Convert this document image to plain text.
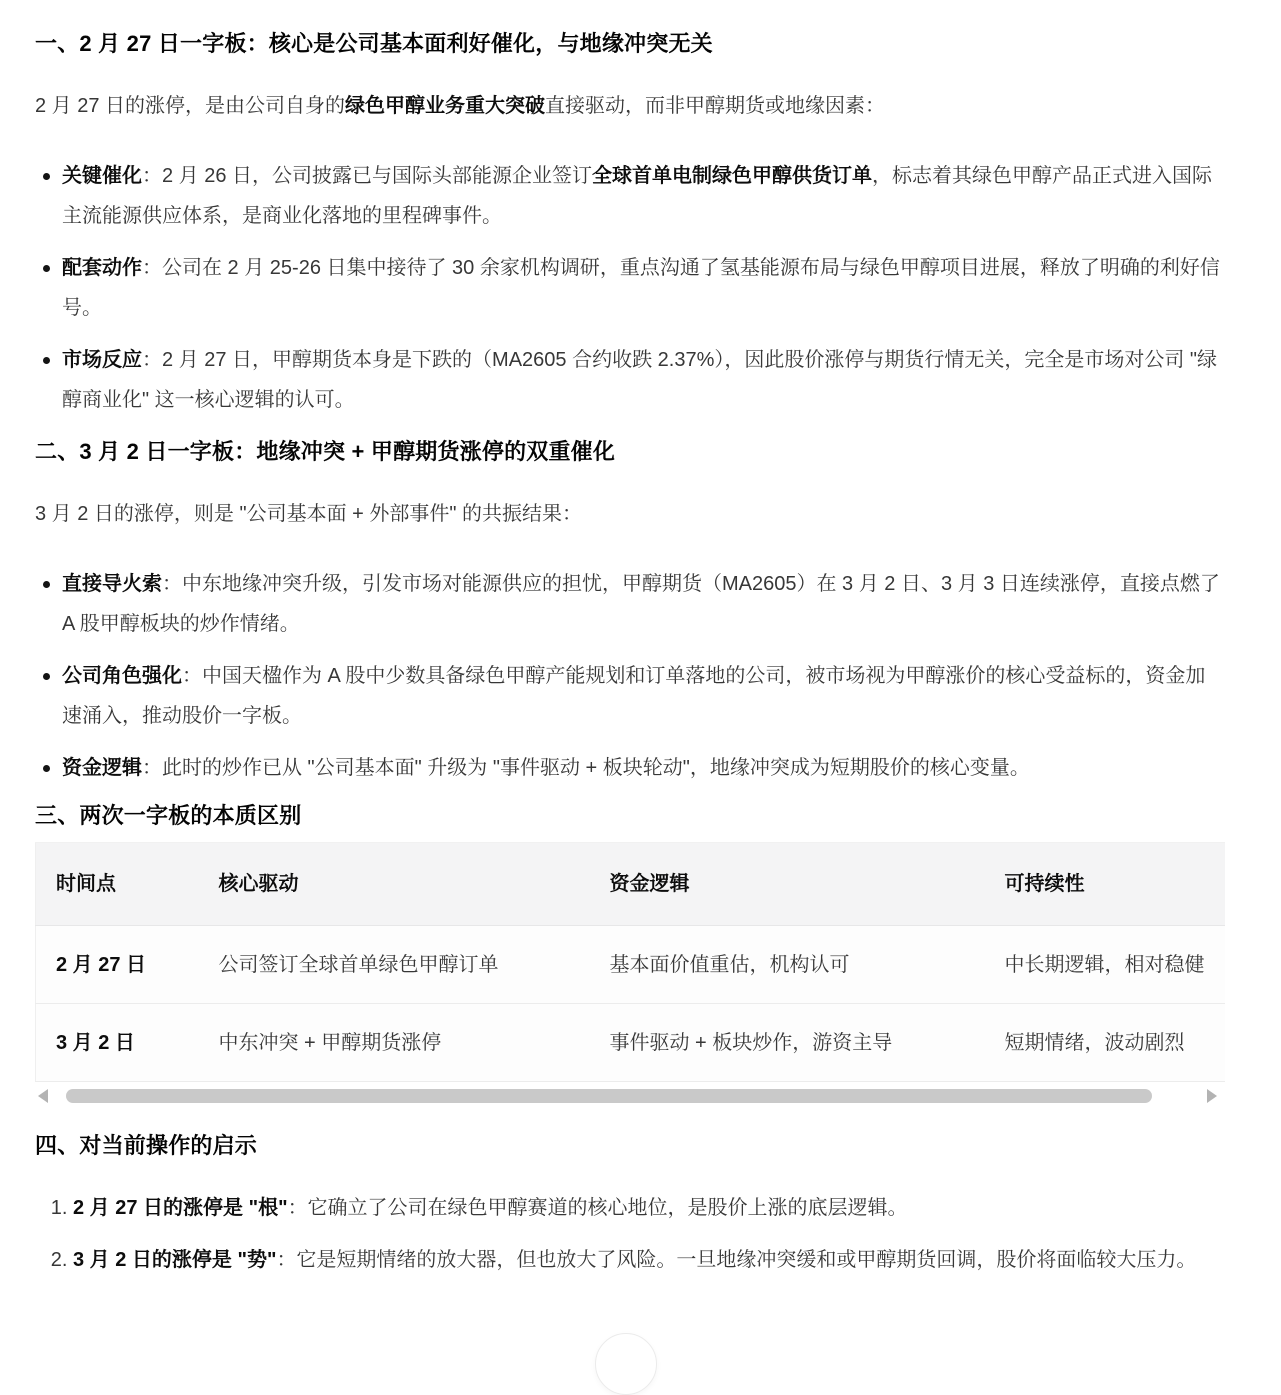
一、2 月 27 日一字板：核心是公司基本面利好催化，与地缘冲突无关

2 月 27 日的涨停，是由公司自身的绿色甲醇业务重大突破直接驱动，而非甲醇期货或地缘因素：

关键催化：2 月 26 日，公司披露已与国际头部能源企业签订全球首单电制绿色甲醇供货订单，标志着其绿色甲醇产品正式进入国际主流能源供应体系，是商业化落地的里程碑事件。
配套动作：公司在 2 月 25-26 日集中接待了 30 余家机构调研，重点沟通了氢基能源布局与绿色甲醇项目进展，释放了明确的利好信号。
市场反应：2 月 27 日，甲醇期货本身是下跌的（MA2605 合约收跌 2.37%），因此股价涨停与期货行情无关，完全是市场对公司 "绿醇商业化" 这一核心逻辑的认可。
二、3 月 2 日一字板：地缘冲突 + 甲醇期货涨停的双重催化

3 月 2 日的涨停，则是 "公司基本面 + 外部事件" 的共振结果：

直接导火索：中东地缘冲突升级，引发市场对能源供应的担忧，甲醇期货（MA2605）在 3 月 2 日、3 月 3 日连续涨停，直接点燃了 A 股甲醇板块的炒作情绪。
公司角色强化：中国天楹作为 A 股中少数具备绿色甲醇产能规划和订单落地的公司，被市场视为甲醇涨价的核心受益标的，资金加速涌入，推动股价一字板。
资金逻辑：此时的炒作已从 "公司基本面" 升级为 "事件驱动 + 板块轮动"，地缘冲突成为短期股价的核心变量。
三、两次一字板的本质区别
时间点	核心驱动	资金逻辑	可持续性
2 月 27 日	公司签订全球首单绿色甲醇订单	基本面价值重估，机构认可	中长期逻辑，相对稳健
3 月 2 日	中东冲突 + 甲醇期货涨停	事件驱动 + 板块炒作，游资主导	短期情绪，波动剧烈
四、对当前操作的启示
1. 2 月 27 日的涨停是 "根"：它确立了公司在绿色甲醇赛道的核心地位，是股价上涨的底层逻辑。
2. 3 月 2 日的涨停是 "势"：它是短期情绪的放大器，但也放大了风险。一旦地缘冲突缓和或甲醇期货回调，股价将面临较大压力。
